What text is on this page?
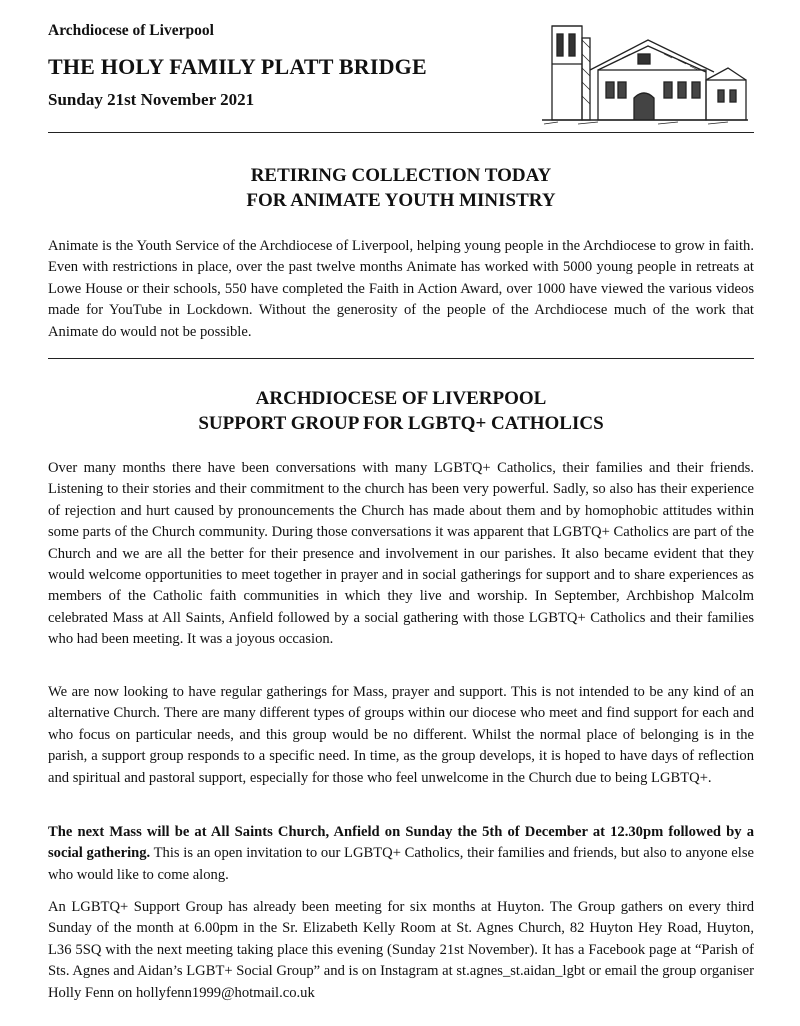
Archdiocese of Liverpool
THE HOLY FAMILY PLATT BRIDGE
Sunday 21st November 2021
RETIRING COLLECTION TODAY
FOR ANIMATE YOUTH MINISTRY

Animate is the Youth Service of the Archdiocese of Liverpool, helping young people in the Archdiocese to grow in faith. Even with restrictions in place, over the past twelve months Animate has worked with 5000 young people in retreats at Lowe House or their schools, 550 have completed the Faith in Action Award, over 1000 have viewed the various videos made for YouTube in Lockdown. Without the generosity of the people of the Archdiocese much of the work that Animate do would not be possible.

ARCHDIOCESE OF LIVERPOOL
SUPPORT GROUP FOR LGBTQ+ CATHOLICS

Over many months there have been conversations with many LGBTQ+ Catholics, their families and their friends. Listening to their stories and their commitment to the church has been very powerful. Sadly, so also has their experience of rejection and hurt caused by pronouncements the Church has made about them and by homophobic attitudes within some parts of the Church community. During those conversations it was apparent that LGBTQ+ Catholics are part of the Church and we are all the better for their presence and involvement in our parishes. It also became evident that they would welcome opportunities to meet together in prayer and in social gatherings for support and to share experiences as members of the Catholic faith communities in which they live and worship. In September, Archbishop Malcolm celebrated Mass at All Saints, Anfield followed by a social gathering with those LGBTQ+ Catholics and their families who had been meeting. It was a joyous occasion.

We are now looking to have regular gatherings for Mass, prayer and support. This is not intended to be any kind of an alternative Church. There are many different types of groups within our diocese who meet and find support for each and who focus on particular needs, and this group would be no different. Whilst the normal place of belonging is in the parish, a support group responds to a specific need. In time, as the group develops, it is hoped to have days of reflection and spiritual and pastoral support, especially for those who feel unwelcome in the Church due to being LGBTQ+.

The next Mass will be at All Saints Church, Anfield on Sunday the 5th of December at 12.30pm followed by a social gathering. This is an open invitation to our LGBTQ+ Catholics, their families and friends, but also to anyone else who would like to come along.

An LGBTQ+ Support Group has already been meeting for six months at Huyton. The Group gathers on every third Sunday of the month at 6.00pm in the Sr. Elizabeth Kelly Room at St. Agnes Church, 82 Huyton Hey Road, Huyton, L36 5SQ with the next meeting taking place this evening (Sunday 21st November). It has a Facebook page at “Parish of Sts. Agnes and Aidan’s LGBT+ Social Group” and is on Instagram at st.agnes_st.aidan_lgbt or email the group organiser Holly Fenn on hollyfenn1999@hotmail.co.uk
